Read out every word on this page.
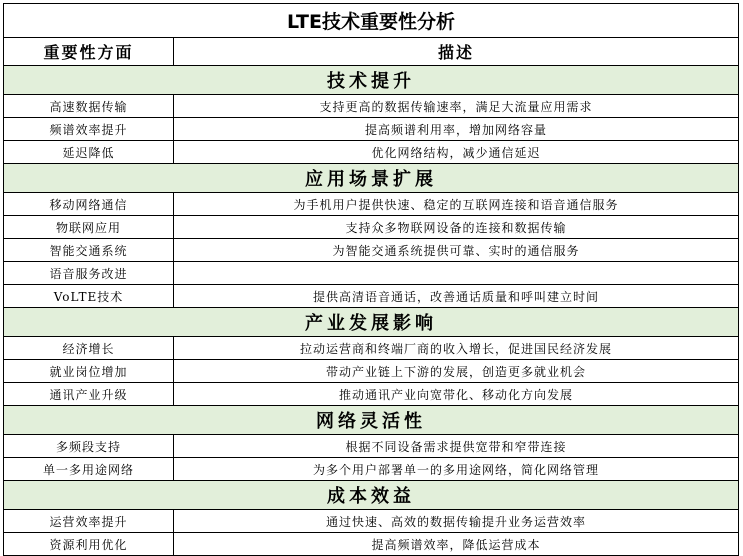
LTE技术重要性分析	
重要性方面	描述
技术提升	
高速数据传输	支持更高的数据传输速率，满足大流量应用需求
频谱效率提升	提高频谱利用率，增加网络容量
延迟降低	优化网络结构，减少通信延迟
应用场景扩展	
移动网络通信	为手机用户提供快速、稳定的互联网连接和语音通信服务
物联网应用	支持众多物联网设备的连接和数据传输
智能交通系统	为智能交通系统提供可靠、实时的通信服务
语音服务改进	
VoLTE技术	提供高清语音通话，改善通话质量和呼叫建立时间
产业发展影响	
经济增长	拉动运营商和终端厂商的收入增长，促进国民经济发展
就业岗位增加	带动产业链上下游的发展，创造更多就业机会
通讯产业升级	推动通讯产业向宽带化、移动化方向发展
网络灵活性	
多频段支持	根据不同设备需求提供宽带和窄带连接
单一多用途网络	为多个用户部署单一的多用途网络，简化网络管理
成本效益	
运营效率提升	通过快速、高效的数据传输提升业务运营效率
资源利用优化	提高频谱效率，降低运营成本
